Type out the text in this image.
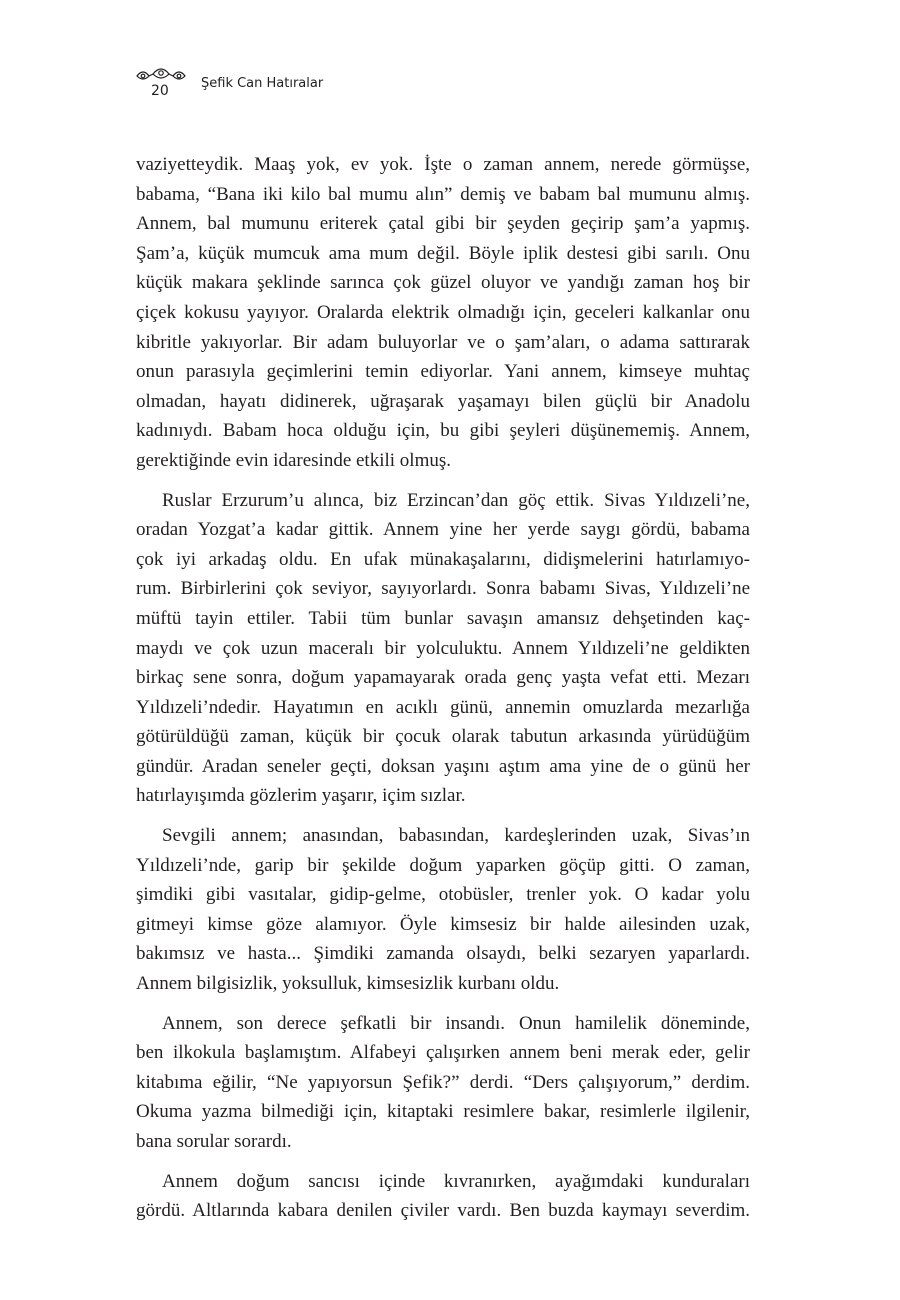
20 Şefik Can Hatıralar
vaziyetteydik. Maaş yok, ev yok. İşte o zaman annem, nerede görmüşse,
babama, “Bana iki kilo bal mumu alın” demiş ve babam bal mumunu almış.
Annem, bal mumunu eriterek çatal gibi bir şeyden geçirip şam’a yapmış.
Şam’a, küçük mumcuk ama mum değil. Böyle iplik destesi gibi sarılı. Onu
küçük makara şeklinde sarınca çok güzel oluyor ve yandığı zaman hoş bir
çiçek kokusu yayıyor. Oralarda elektrik olmadığı için, geceleri kalkanlar onu
kibritle yakıyorlar. Bir adam buluyorlar ve o şam’aları, o adama sattırarak
onun parasıyla geçimlerini temin ediyorlar. Yani annem, kimseye muhtaç
olmadan, hayatı didinerek, uğraşarak yaşamayı bilen güçlü bir Anadolu
kadınıydı. Babam hoca olduğu için, bu gibi şeyleri düşünememiş. Annem,
gerektiğinde evin idaresinde etkili olmuş.
Ruslar Erzurum’u alınca, biz Erzincan’dan göç ettik. Sivas Yıldızeli’ne,
oradan Yozgat’a kadar gittik. Annem yine her yerde saygı gördü, babama
çok iyi arkadaş oldu. En ufak münakaşalarını, didişmelerini hatırlamıyo-
rum. Birbirlerini çok seviyor, sayıyorlardı. Sonra babamı Sivas, Yıldızeli’ne
müftü tayin ettiler. Tabii tüm bunlar savaşın amansız dehşetinden kaç-
maydı ve çok uzun maceralı bir yolculuktu. Annem Yıldızeli’ne geldikten
birkaç sene sonra, doğum yapamayarak orada genç yaşta vefat etti. Mezarı
Yıldızeli’ndedir. Hayatımın en acıklı günü, annemin omuzlarda mezarlığa
götürüldüğü zaman, küçük bir çocuk olarak tabutun arkasında yürüdüğüm
gündür. Aradan seneler geçti, doksan yaşını aştım ama yine de o günü her
hatırlayışımda gözlerim yaşarır, içim sızlar.
Sevgili annem; anasından, babasından, kardeşlerinden uzak, Sivas’ın
Yıldızeli’nde, garip bir şekilde doğum yaparken göçüp gitti. O zaman,
şimdiki gibi vasıtalar, gidip-gelme, otobüsler, trenler yok. O kadar yolu
gitmeyi kimse göze alamıyor. Öyle kimsesiz bir halde ailesinden uzak,
bakımsız ve hasta... Şimdiki zamanda olsaydı, belki sezaryen yaparlardı.
Annem bilgisizlik, yoksulluk, kimsesizlik kurbanı oldu.
Annem, son derece şefkatli bir insandı. Onun hamilelik döneminde,
ben ilkokula başlamıştım. Alfabeyi çalışırken annem beni merak eder, gelir
kitabıma eğilir, “Ne yapıyorsun Şefik?” derdi. “Ders çalışıyorum,” derdim.
Okuma yazma bilmediği için, kitaptaki resimlere bakar, resimlerle ilgilenir,
bana sorular sorardı.
Annem doğum sancısı içinde kıvranırken, ayağımdaki kunduraları
gördü. Altlarında kabara denilen çiviler vardı. Ben buzda kaymayı severdim.
